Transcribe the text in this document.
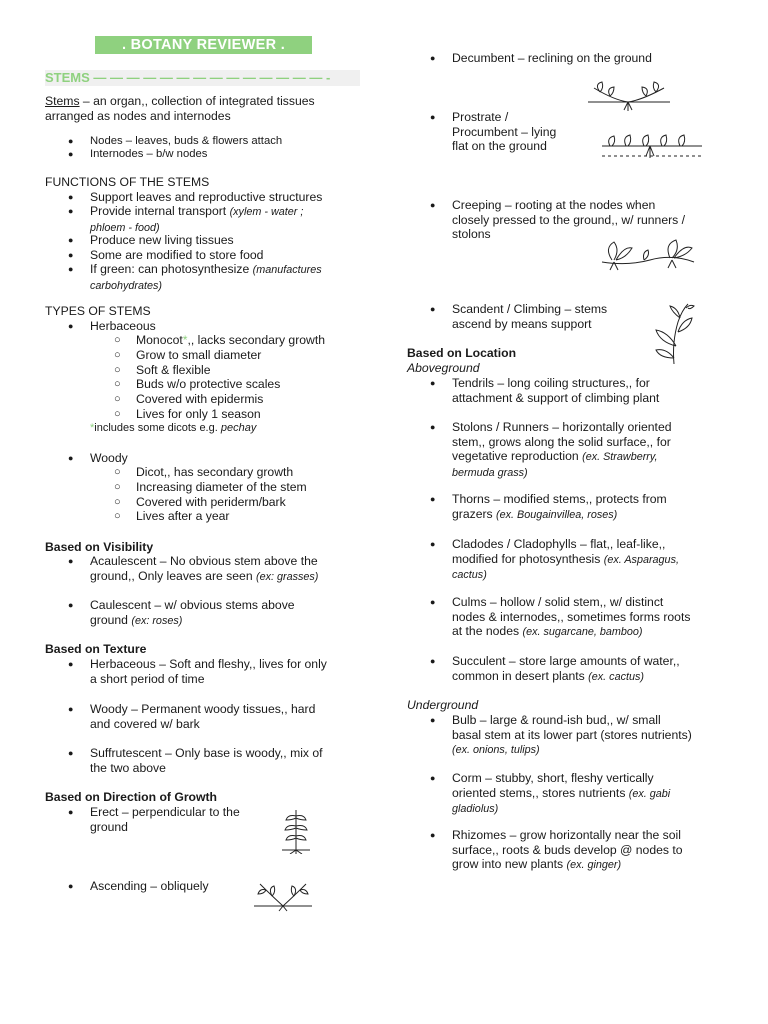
. BOTANY REVIEWER .
STEMS — — — — — — — — — — — — — — -
Stems – an organ,, collection of integrated tissues
arranged as nodes and internodes
● Nodes – leaves, buds & flowers attach
● Internodes – b/w nodes
FUNCTIONS OF THE STEMS
● Support leaves and reproductive structures
● Provide internal transport (xylem - water ;
phloem - food)
● Produce new living tissues
● Some are modified to store food
● If green: can photosynthesize (manufactures
carbohydrates)
TYPES OF STEMS
● Herbaceous
○ Monocot*,, lacks secondary growth
○ Grow to small diameter
○ Soft & flexible
○ Buds w/o protective scales
○ Covered with epidermis
○ Lives for only 1 season
*includes some dicots e.g. pechay
● Woody
○ Dicot,, has secondary growth
○ Increasing diameter of the stem
○ Covered with periderm/bark
○ Lives after a year
Based on Visibility
● Acaulescent – No obvious stem above the
ground,, Only leaves are seen (ex: grasses)
● Caulescent – w/ obvious stems above
ground (ex: roses)
Based on Texture
● Herbaceous – Soft and fleshy,, lives for only
a short period of time
● Woody – Permanent woody tissues,, hard
and covered w/ bark
● Suffrutescent – Only base is woody,, mix of
the two above
Based on Direction of Growth
● Erect – perpendicular to the
ground
● Ascending – obliquely
● Decumbent – reclining on the ground
● Prostrate /
Procumbent – lying
flat on the ground
● Creeping – rooting at the nodes when
closely pressed to the ground,, w/ runners /
stolons
● Scandent / Climbing – stems
ascend by means support
Based on Location
Aboveground
● Tendrils – long coiling structures,, for
attachment & support of climbing plant
● Stolons / Runners – horizontally oriented
stem,, grows along the solid surface,, for
vegetative reproduction (ex. Strawberry,
bermuda grass)
● Thorns – modified stems,, protects from
grazers (ex. Bougainvillea, roses)
● Cladodes / Cladophylls – flat,, leaf-like,,
modified for photosynthesis (ex. Asparagus,
cactus)
● Culms – hollow / solid stem,, w/ distinct
nodes & internodes,, sometimes forms roots
at the nodes (ex. sugarcane, bamboo)
● Succulent – store large amounts of water,,
common in desert plants (ex. cactus)
Underground
● Bulb – large & round-ish bud,, w/ small
basal stem at its lower part (stores nutrients)
(ex. onions, tulips)
● Corm – stubby, short, fleshy vertically
oriented stems,, stores nutrients (ex. gabi
gladiolus)
● Rhizomes – grow horizontally near the soil
surface,, roots & buds develop @ nodes to
grow into new plants (ex. ginger)
